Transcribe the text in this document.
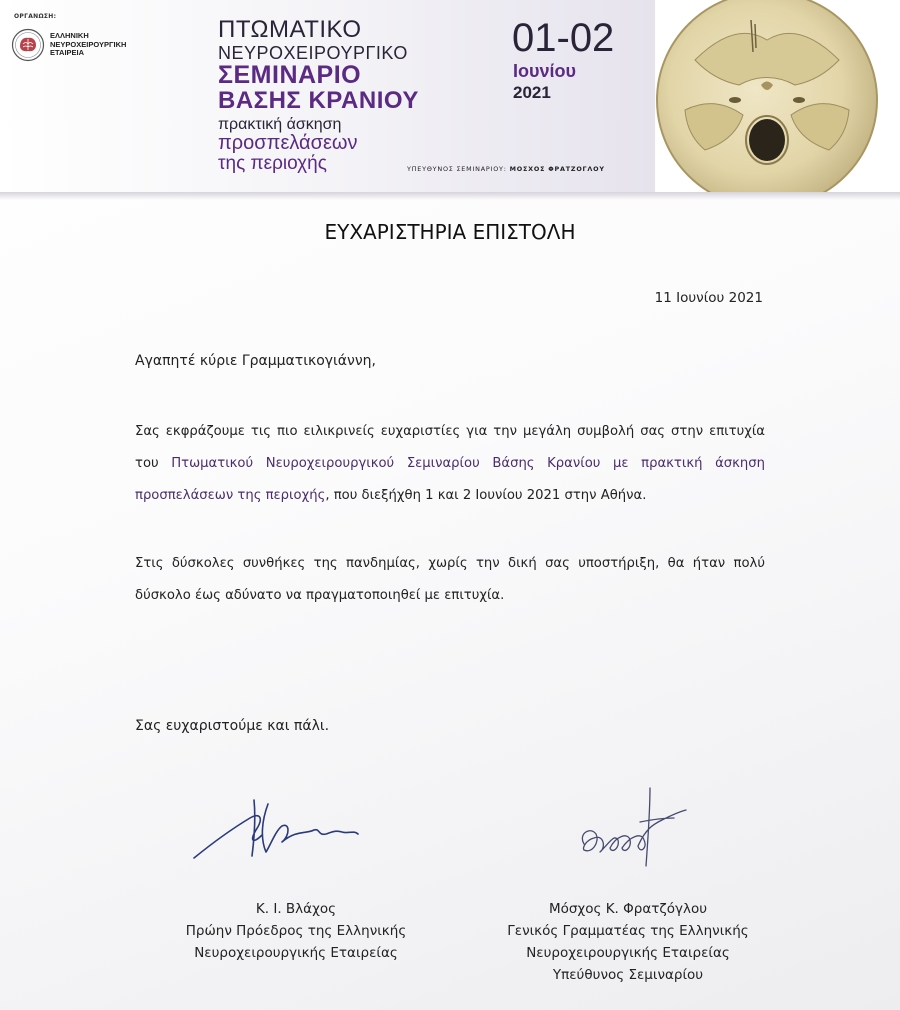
ΟΡΓΑΝΩΣΗ:
ΕΛΛΗΝΙΚΗ
ΝΕΥΡΟΧΕΙΡΟΥΡΓΙΚΗ
ΕΤΑΙΡΕΙΑ
ΠΤΩΜΑΤΙΚΟ
ΝΕΥΡΟΧΕΙΡΟΥΡΓΙΚΟ
ΣΕΜΙΝΑΡΙΟ
ΒΑΣΗΣ ΚΡΑΝΙΟΥ
πρακτική άσκηση
προσπελάσεων
της περιοχής
01-02
Ιουνίου
2021
ΥΠΕΥΘΥΝΟΣ ΣΕΜΙΝΑΡΙΟΥ: ΜΟΣΧΟΣ ΦΡΑΤΖΟΓΛΟΥ
ΕΥΧΑΡΙΣΤΗΡΙΑ ΕΠΙΣΤΟΛΗ
11 Ιουνίου 2021

Αγαπητέ κύριε Γραμματικογιάννη,

Σας εκφράζουμε τις πιο ειλικρινείς ευχαριστίες για την μεγάλη συμβολή σας στην επιτυχία του Πτωματικού Νευροχειρουργικού Σεμιναρίου Βάσης Κρανίου με πρακτική άσκηση προσπελάσεων της περιοχής, που διεξήχθη 1 και 2 Ιουνίου 2021 στην Αθήνα.

Στις δύσκολες συνθήκες της πανδημίας, χωρίς την δική σας υποστήριξη, θα ήταν πολύ δύσκολο έως αδύνατο να πραγματοποιηθεί με επιτυχία.

Σας ευχαριστούμε και πάλι.

Κ. Ι. Βλάχος
Πρώην Πρόεδρος της Ελληνικής
Νευροχειρουργικής Εταιρείας
Μόσχος Κ. Φρατζόγλου
Γενικός Γραμματέας της Ελληνικής
Νευροχειρουργικής Εταιρείας
Υπεύθυνος Σεμιναρίου
